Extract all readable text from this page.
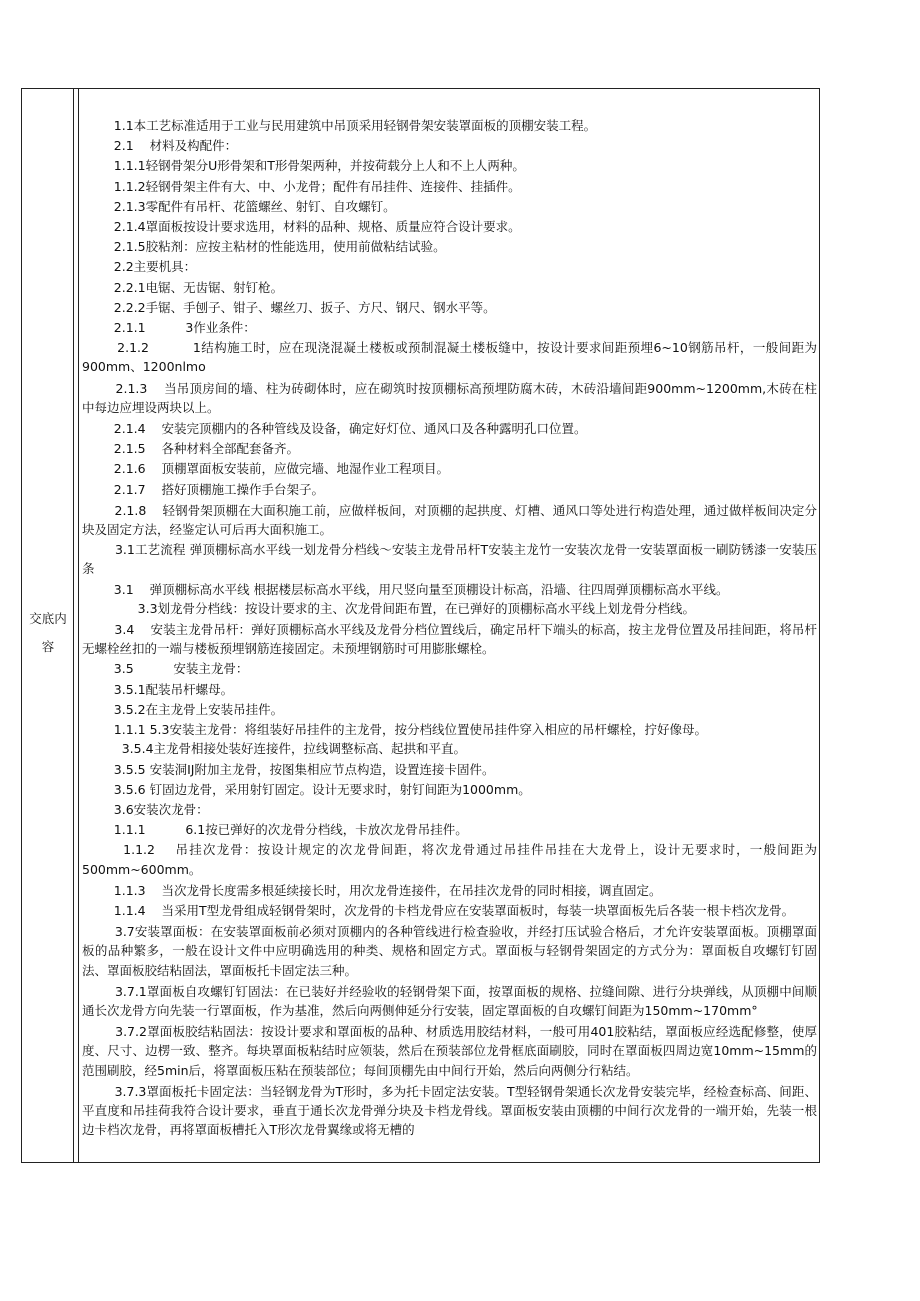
交底内容

1.1本工艺标准适用于工业与民用建筑中吊顶采用轻钢骨架安装罩面板的顶棚安装工程。

2.1    材料及构配件：

1.1.1轻钢骨架分U形骨架和T形骨架两种，并按荷载分上人和不上人两种。

1.1.2轻钢骨架主件有大、中、小龙骨；配件有吊挂件、连接件、挂插件。

2.1.3零配件有吊杆、花篮螺丝、射钉、自攻螺钉。

2.1.4罩面板按设计要求选用，材料的品种、规格、质量应符合设计要求。

2.1.5胶粘剂：应按主粘材的性能选用，使用前做粘结试验。

2.2主要机具：

2.2.1电锯、无齿锯、射钉枪。

2.2.2手锯、手刨子、钳子、螺丝刀、扳子、方尺、钢尺、钢水平等。

2.1.1          3作业条件：

2.1.2          1结构施工时，应在现浇混凝土楼板或预制混凝土楼板缝中，按设计要求间距预埋6~10钢筋吊杆，一般间距为900mm、1200nlmo

2.1.3    当吊顶房间的墙、柱为砖砌体时，应在砌筑时按顶棚标高预埋防腐木砖，木砖沿墙间距900mm~1200mm,木砖在柱中每边应埋设两块以上。

2.1.4    安装完顶棚内的各种管线及设备，确定好灯位、通风口及各种露明孔口位置。

2.1.5    各种材料全部配套备齐。

2.1.6    顶棚罩面板安装前，应做完墙、地湿作业工程项目。

2.1.7    搭好顶棚施工操作手台架子。

2.1.8    轻钢骨架顶棚在大面积施工前，应做样板间，对顶棚的起拱度、灯槽、通风口等处进行构造处理，通过做样板间决定分块及固定方法，经鉴定认可后再大面积施工。

3.1工艺流程 弹顶棚标高水平线一划龙骨分档线～安装主龙骨吊杆T安装主龙竹一安装次龙骨一安装罩面板一刷防锈漆一安装压条

3.1    弹顶棚标高水平线 根据楼层标高水平线，用尺竖向量至顶棚设计标高，沿墙、往四周弹顶棚标高水平线。

3.3划龙骨分档线：按设计要求的主、次龙骨间距布置，在已弹好的顶棚标高水平线上划龙骨分档线。

3.4    安装主龙骨吊杆：弹好顶棚标高水平线及龙骨分档位置线后，确定吊杆下端头的标高，按主龙骨位置及吊挂间距，将吊杆无螺栓丝扣的一端与楼板预埋钢筋连接固定。未预埋钢筋时可用膨胀螺栓。

3.5          安装主龙骨：

3.5.1配装吊杆螺母。

3.5.2在主龙骨上安装吊挂件。

1.1.1 5.3安装主龙骨：将组装好吊挂件的主龙骨，按分档线位置使吊挂件穿入相应的吊杆螺栓，拧好像母。

3.5.4主龙骨相接处装好连接件，拉线调整标高、起拱和平直。

3.5.5 安装洞IJ附加主龙骨，按图集相应节点构造，设置连接卡固件。

3.5.6 钉固边龙骨，采用射钉固定。设计无要求时，射钉间距为1000mm。

3.6安装次龙骨：

1.1.1          6.1按已弹好的次龙骨分档线，卡放次龙骨吊挂件。

1.1.2    吊挂次龙骨：按设计规定的次龙骨间距，将次龙骨通过吊挂件吊挂在大龙骨上，设计无要求时，一般间距为500mm~600mm。

1.1.3    当次龙骨长度需多根延续接长时，用次龙骨连接件，在吊挂次龙骨的同时相接，调直固定。

1.1.4    当采用T型龙骨组成轻钢骨架时，次龙骨的卡档龙骨应在安装罩面板时，每装一块罩面板先后各装一根卡档次龙骨。

3.7安装罩面板：在安装罩面板前必须对顶棚内的各种管线进行检查验收，并经打压试验合格后，才允许安装罩面板。顶棚罩面板的品种繁多，一般在设计文件中应明确选用的种类、规格和固定方式。罩面板与轻钢骨架固定的方式分为：罩面板自攻螺钉钉固法、罩面板胶结粘固法，罩面板托卡固定法三种。

3.7.1罩面板自攻螺钉钉固法：在已装好并经验收的轻钢骨架下面，按罩面板的规格、拉缝间隙、进行分块弹线，从顶棚中间顺通长次龙骨方向先装一行罩面板，作为基准，然后向两侧伸延分行安装，固定罩面板的自攻螺钉间距为150mm~170mm°

3.7.2罩面板胶结粘固法：按设计要求和罩面板的品种、材质选用胶结材料，一般可用401胶粘结，罩面板应经选配修整，使厚度、尺寸、边楞一致、整齐。每块罩面板粘结时应领装，然后在预装部位龙骨框底面刷胶，同时在罩面板四周边宽10mm~15mm的范围刷胶，经5min后，将罩面板压粘在预装部位；每间顶棚先由中间行开始，然后向两侧分行粘结。

3.7.3罩面板托卡固定法：当轻钢龙骨为T形时，多为托卡固定法安装。T型轻钢骨架通长次龙骨安装完毕，经检查标高、间距、平直度和吊挂荷我符合设计要求，垂直于通长次龙骨弹分块及卡档龙骨线。罩面板安装由顶棚的中间行次龙骨的一端开始，先装一根边卡档次龙骨，再将罩面板槽托入T形次龙骨翼缘或将无槽的
